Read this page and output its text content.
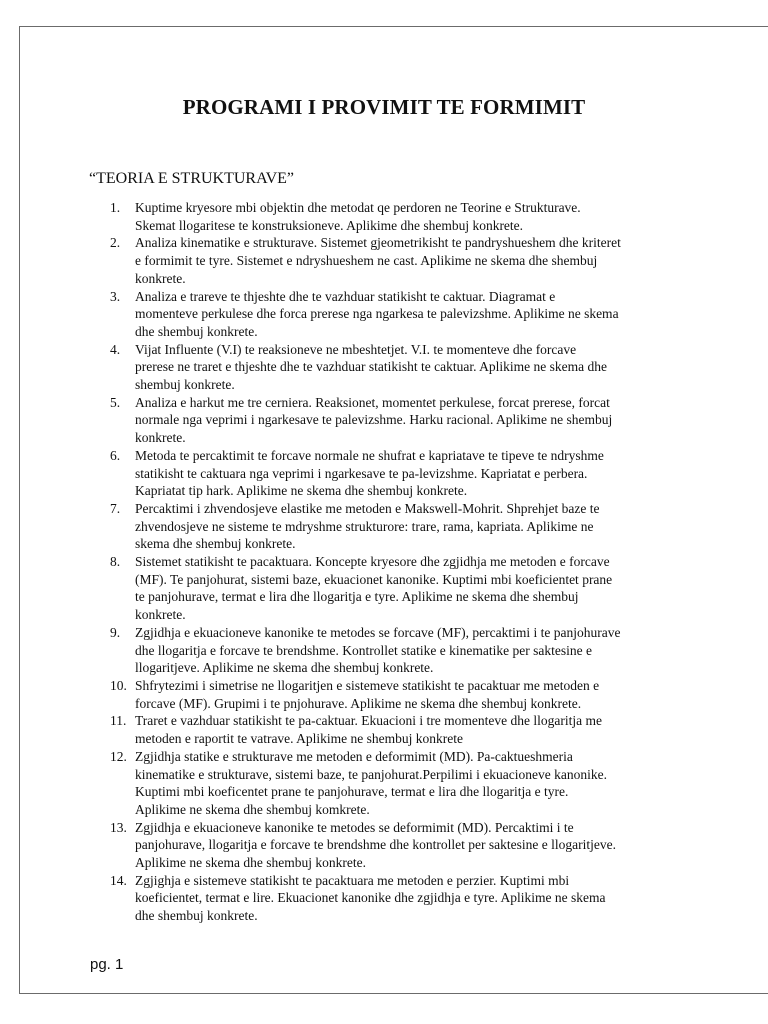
PROGRAMI I PROVIMIT TE FORMIMIT
“TEORIA E STRUKTURAVE”
1.	Kuptime kryesore mbi objektin dhe metodat qe perdoren ne Teorine e Strukturave.
Skemat llogaritese te konstruksioneve. Aplikime dhe shembuj konkrete.
2.	Analiza kinematike e strukturave. Sistemet gjeometrikisht te pandryshueshem dhe kriteret
e formimit te tyre. Sistemet e ndryshueshem ne cast. Aplikime ne skema dhe shembuj
konkrete.
3.	Analiza e trareve te thjeshte dhe te vazhduar statikisht te caktuar. Diagramat e
momenteve perkulese dhe forca prerese nga ngarkesa te palevizshme. Aplikime ne skema
dhe shembuj konkrete.
4.	Vijat Influente (V.I) te reaksioneve ne mbeshtetjet. V.I. te momenteve dhe forcave
prerese ne traret e thjeshte dhe te vazhduar statikisht te caktuar. Aplikime ne skema dhe
shembuj konkrete.
5.	Analiza e harkut me tre cerniera. Reaksionet, momentet perkulese, forcat prerese, forcat
normale nga veprimi i ngarkesave te palevizshme. Harku racional. Aplikime ne shembuj
konkrete.
6.	Metoda te percaktimit te forcave normale ne shufrat e kapriatave te tipeve te ndryshme
statikisht te caktuara nga veprimi i ngarkesave te pa-levizshme. Kapriatat e perbera.
Kapriatat tip hark. Aplikime ne skema dhe shembuj konkrete.
7.	Percaktimi i zhvendosjeve elastike me metoden e Makswell-Mohrit. Shprehjet baze te
zhvendosjeve ne sisteme te mdryshme strukturore: trare, rama, kapriata. Aplikime ne
skema dhe shembuj konkrete.
8.	Sistemet statikisht te pacaktuara. Koncepte kryesore dhe zgjidhja me metoden e forcave
(MF). Te panjohurat, sistemi baze, ekuacionet kanonike. Kuptimi mbi koeficientet prane
te panjohurave, termat e lira dhe llogaritja e tyre. Aplikime ne skema dhe shembuj
konkrete.
9.	Zgjidhja e ekuacioneve kanonike te metodes se forcave (MF), percaktimi i te panjohurave
dhe llogaritja e forcave te brendshme. Kontrollet statike e kinematike per saktesine e
llogaritjeve. Aplikime ne skema dhe shembuj konkrete.
10. Shfrytezimi i simetrise ne llogaritjen e sistemeve statikisht te pacaktuar me metoden e
forcave (MF). Grupimi i te pnjohurave. Aplikime ne skema dhe shembuj konkrete.
11. Traret e vazhduar statikisht te pa-caktuar. Ekuacioni i tre momenteve dhe llogaritja me
metoden e raportit te vatrave. Aplikime ne shembuj konkrete
12. Zgjidhja statike e strukturave me metoden e deformimit (MD). Pa-caktueshmeria
kinematike e strukturave, sistemi baze, te panjohurat.Perpilimi i ekuacioneve kanonike.
Kuptimi mbi koeficentet prane te panjohurave, termat e lira dhe llogaritja e tyre.
Aplikime ne skema dhe shembuj komkrete.
13. Zgjidhja e ekuacioneve kanonike te metodes se deformimit (MD). Percaktimi i te
panjohurave, llogaritja e forcave te brendshme dhe kontrollet per saktesine e llogaritjeve.
Aplikime ne skema dhe shembuj konkrete.
14. Zgjighja e sistemeve statikisht te pacaktuara me metoden e perzier. Kuptimi mbi
koeficientet, termat e lire. Ekuacionet kanonike dhe zgjidhja e tyre. Aplikime ne skema
dhe shembuj konkrete.
pg. 1
